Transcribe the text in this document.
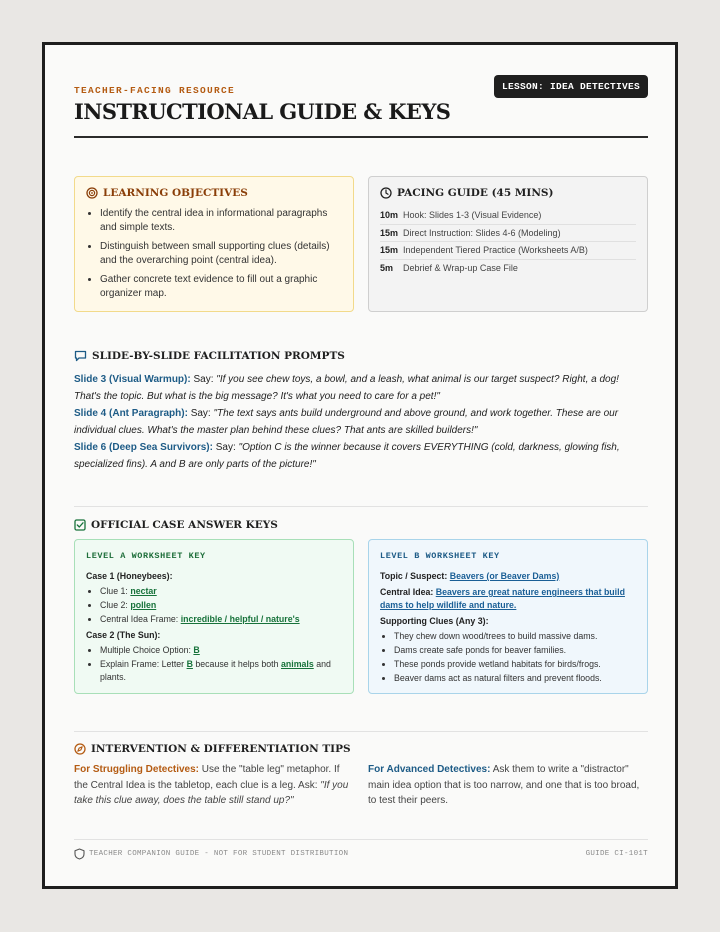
TEACHER-FACING RESOURCE	LESSON: IDEA DETECTIVES
INSTRUCTIONAL GUIDE & KEYS
LEARNING OBJECTIVES
• Identify the central idea in informational paragraphs and simple texts.
• Distinguish between small supporting clues (details) and the overarching point (central idea).
• Gather concrete text evidence to fill out a graphic organizer map.
PACING GUIDE (45 MINS)
10m Hook: Slides 1-3 (Visual Evidence)
15m Direct Instruction: Slides 4-6 (Modeling)
15m Independent Tiered Practice (Worksheets A/B)
5m	Debrief & Wrap-up Case File
SLIDE-BY-SLIDE FACILITATION PROMPTS

Slide 3 (Visual Warmup): Say: "If you see chew toys, a bowl, and a leash, what animal is our target suspect? Right, a dog! That's the topic. But what is the big message? It's what you need to care for a pet!"

Slide 4 (Ant Paragraph): Say: "The text says ants build underground and above ground, and work together. These are our individual clues. What's the master plan behind these clues? That ants are skilled builders!"

Slide 6 (Deep Sea Survivors): Say: "Option C is the winner because it covers EVERYTHING (cold, darkness, glowing fish, specialized fins). A and B are only parts of the picture!"

OFFICIAL CASE ANSWER KEYS
LEVEL A WORKSHEET KEY
Case 1 (Honeybees):
• Clue 1: nectar
• Clue 2: pollen
• Central Idea Frame: incredible / helpful / nature's
Case 2 (The Sun):
• Multiple Choice Option: B
• Explain Frame: Letter B because it helps both animals and plants.
LEVEL B WORKSHEET KEY
Topic / Suspect: Beavers (or Beaver Dams)
Central Idea: Beavers are great nature engineers that build dams to help wildlife and nature.
Supporting Clues (Any 3):
• They chew down wood/trees to build massive dams.
• Dams create safe ponds for beaver families.
• These ponds provide wetland habitats for birds/frogs.
• Beaver dams act as natural filters and prevent floods.
INTERVENTION & DIFFERENTIATION TIPS
For Struggling Detectives: Use the "table leg" metaphor. If the Central Idea is the tabletop, each clue is a leg. Ask: "If you take this clue away, does the table still stand up?"
For Advanced Detectives: Ask them to write a "distractor" main idea option that is too narrow, and one that is too broad, to test their peers.
TEACHER COMPANION GUIDE - NOT FOR STUDENT DISTRIBUTION	GUIDE CI-101T
